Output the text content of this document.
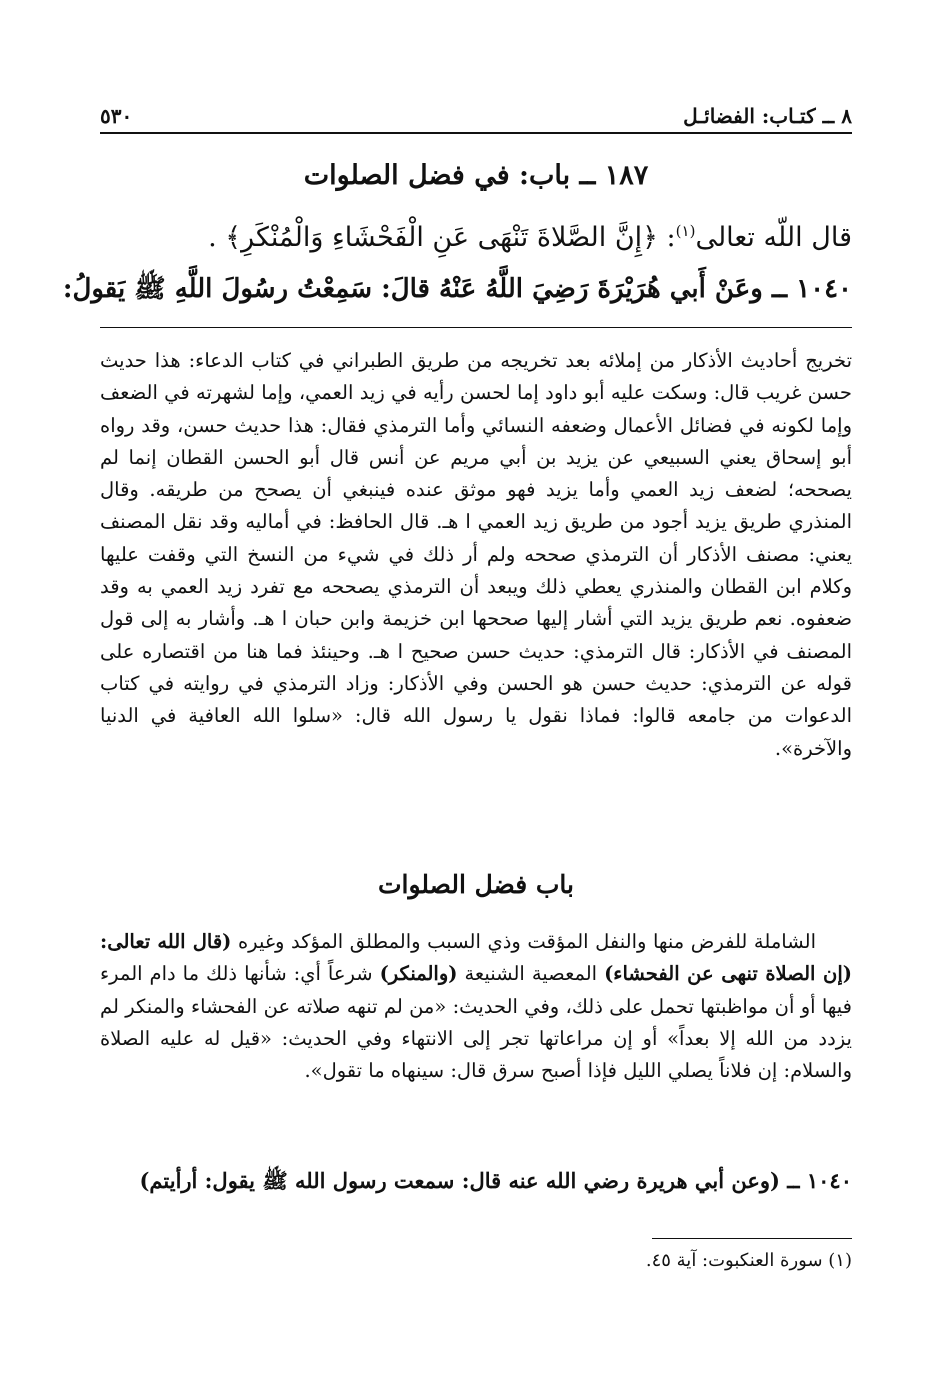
٨ ــ كتـاب: الفضائـل
٥٣٠
١٨٧ ــ باب: في فضل الصلوات
قال اللّه تعالى$^{(١)}$: ﴿إِنَّ الصَّلاةَ تَنْهَى عَنِ الْفَحْشَاءِ وَالْمُنْكَرِ﴾ .
١٠٤٠ ــ وعَنْ أَبي هُرَيْرَةَ رَضِيَ اللَّهُ عَنْهُ قالَ: سَمِعْتُ رسُولَ اللَّهِ ﷺ يَقولُ:
تخريج أحاديث الأذكار من إملائه بعد تخريجه من طريق الطبراني في كتاب الدعاء: هذا حديث حسن غريب قال: وسكت عليه أبو داود إما لحسن رأيه في زيد العمي، وإما لشهرته في الضعف وإما لكونه في فضائل الأعمال وضعفه النسائي وأما الترمذي فقال: هذا حديث حسن، وقد رواه أبو إسحاق يعني السبيعي عن يزيد بن أبي مريم عن أنس قال أبو الحسن القطان إنما لم يصححه؛ لضعف زيد العمي وأما يزيد فهو موثق عنده فينبغي أن يصحح من طريقه. وقال المنذري طريق يزيد أجود من طريق زيد العمي ا هـ. قال الحافظ: في أماليه وقد نقل المصنف يعني: مصنف الأذكار أن الترمذي صححه ولم أر ذلك في شيء من النسخ التي وقفت عليها وكلام ابن القطان والمنذري يعطي ذلك ويبعد أن الترمذي يصححه مع تفرد زيد العمي به وقد ضعفوه. نعم طريق يزيد التي أشار إليها صححها ابن خزيمة وابن حبان ا هـ. وأشار به إلى قول المصنف في الأذكار: قال الترمذي: حديث حسن صحيح ا هـ. وحينئذ فما هنا من اقتصاره على قوله عن الترمذي: حديث حسن هو الحسن وفي الأذكار: وزاد الترمذي في روايته في كتاب الدعوات من جامعه قالوا: فماذا نقول يا رسول الله قال: «سلوا الله العافية في الدنيا والآخرة».
باب فضل الصلوات

الشاملة للفرض منها والنفل المؤقت وذي السبب والمطلق المؤكد وغيره (قال الله تعالى: (إن الصلاة تنهى عن الفحشاء) المعصية الشنيعة (والمنكر) شرعاً أي: شأنها ذلك ما دام المرء فيها أو أن مواظبتها تحمل على ذلك، وفي الحديث: «من لم تنهه صلاته عن الفحشاء والمنكر لم يزدد من الله إلا بعداً» أو إن مراعاتها تجر إلى الانتهاء وفي الحديث: «قيل له عليه الصلاة والسلام: إن فلاناً يصلي الليل فإذا أصبح سرق قال: سينهاه ما تقول».

١٠٤٠ ــ (وعن أبي هريرة رضي الله عنه قال: سمعت رسول الله ﷺ يقول: أرأيتم)
(١) سورة العنكبوت: آية ٤٥.
